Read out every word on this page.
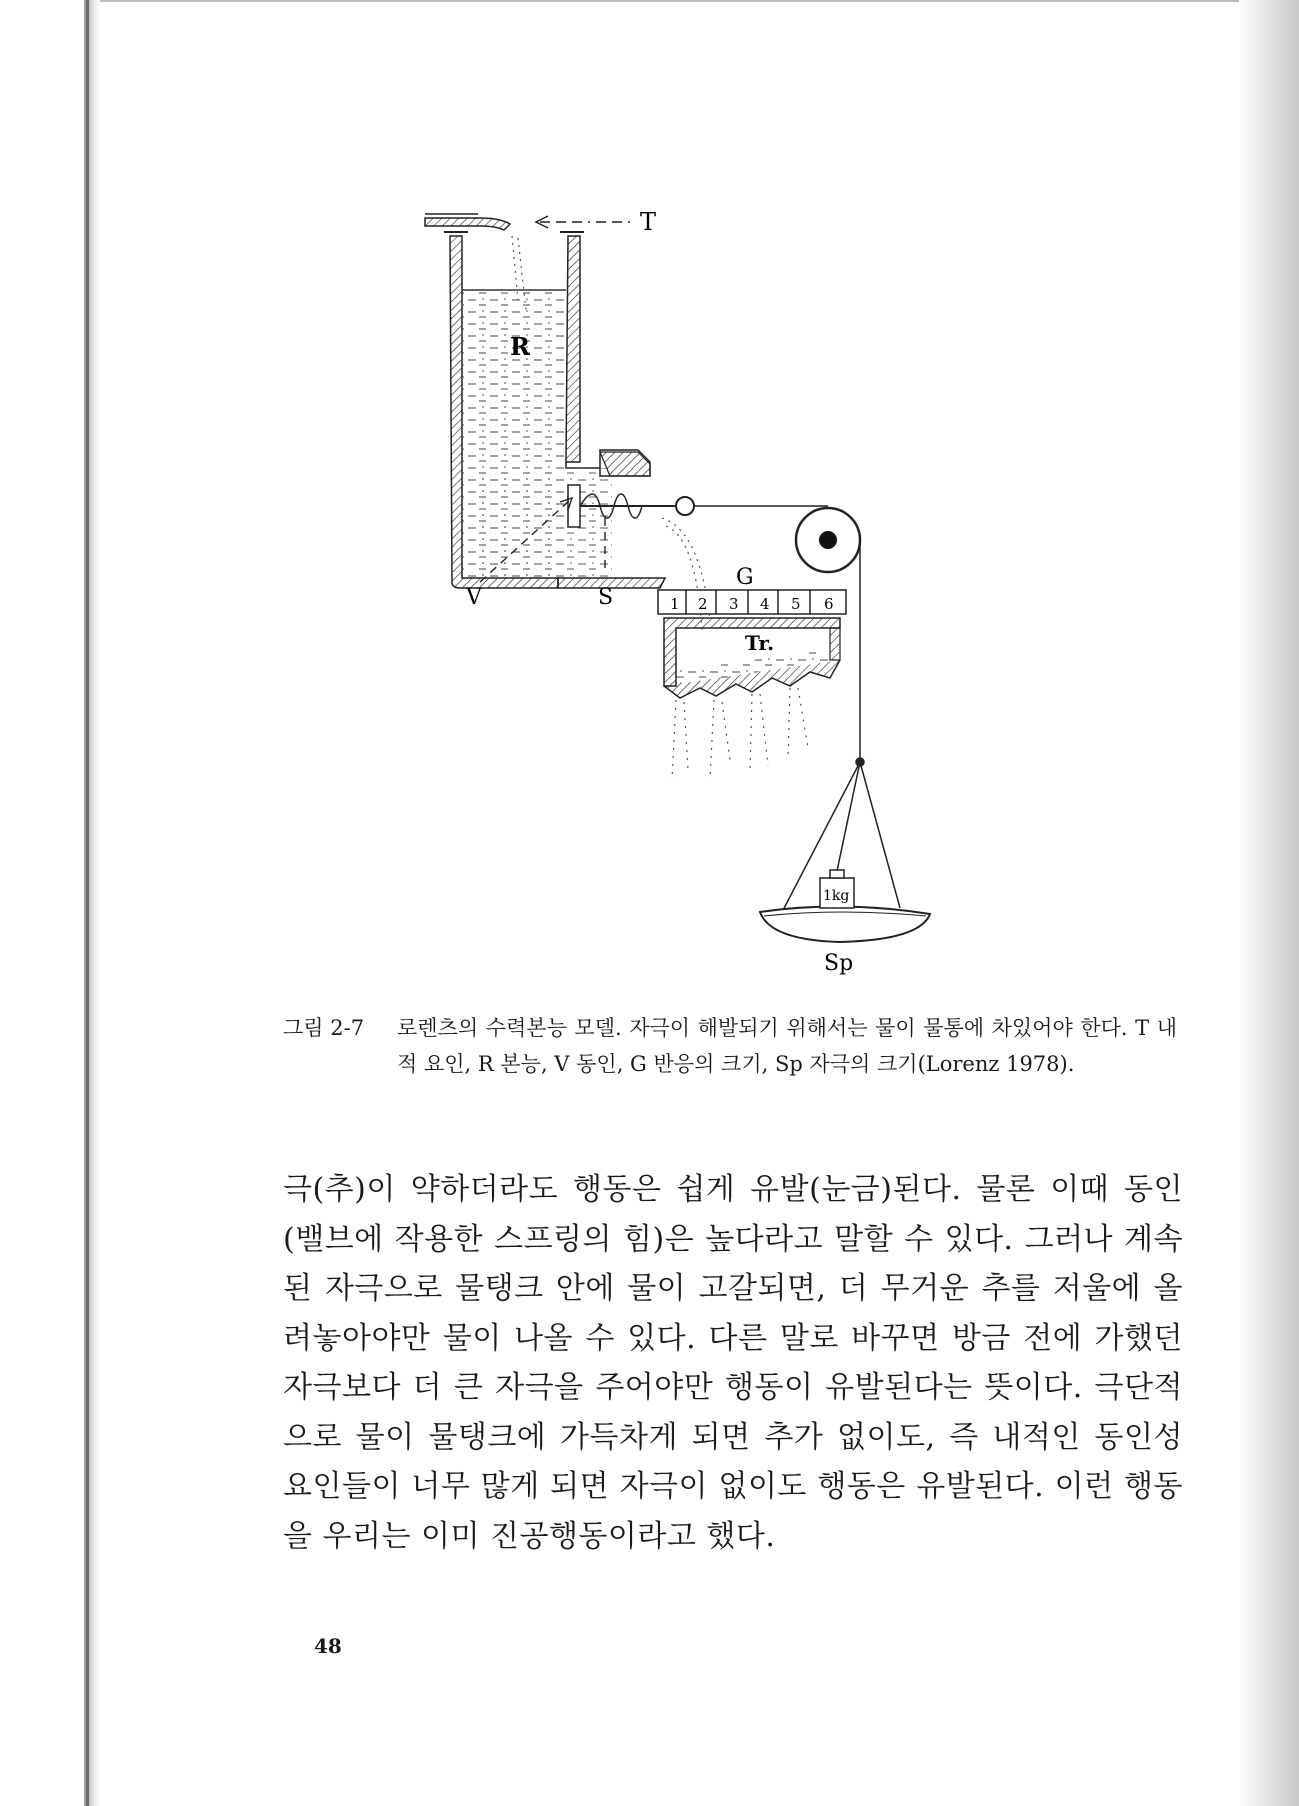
T
R
V	S
G
1 2 3 4 5 6
Tr.
1kg
Sp
그림 2-7 로렌츠의 수력본능 모델. 자극이 해발되기 위해서는 물이 물통에 차있어야 한다. T 내적 요인, R 본능, V 동인, G 반응의 크기, Sp 자극의 크기(Lorenz 1978).

극(추)이 약하더라도 행동은 쉽게 유발(눈금)된다. 물론 이때 동인(밸브에 작용한 스프링의 힘)은 높다라고 말할 수 있다. 그러나 계속된 자극으로 물탱크 안에 물이 고갈되면, 더 무거운 추를 저울에 올려놓아야만 물이 나올 수 있다. 다른 말로 바꾸면 방금 전에 가했던 자극보다 더 큰 자극을 주어야만 행동이 유발된다는 뜻이다. 극단적으로 물이 물탱크에 가득차게 되면 추가 없이도, 즉 내적인 동인성 요인들이 너무 많게 되면 자극이 없이도 행동은 유발된다. 이런 행동을 우리는 이미 진공행동이라고 했다.

48
